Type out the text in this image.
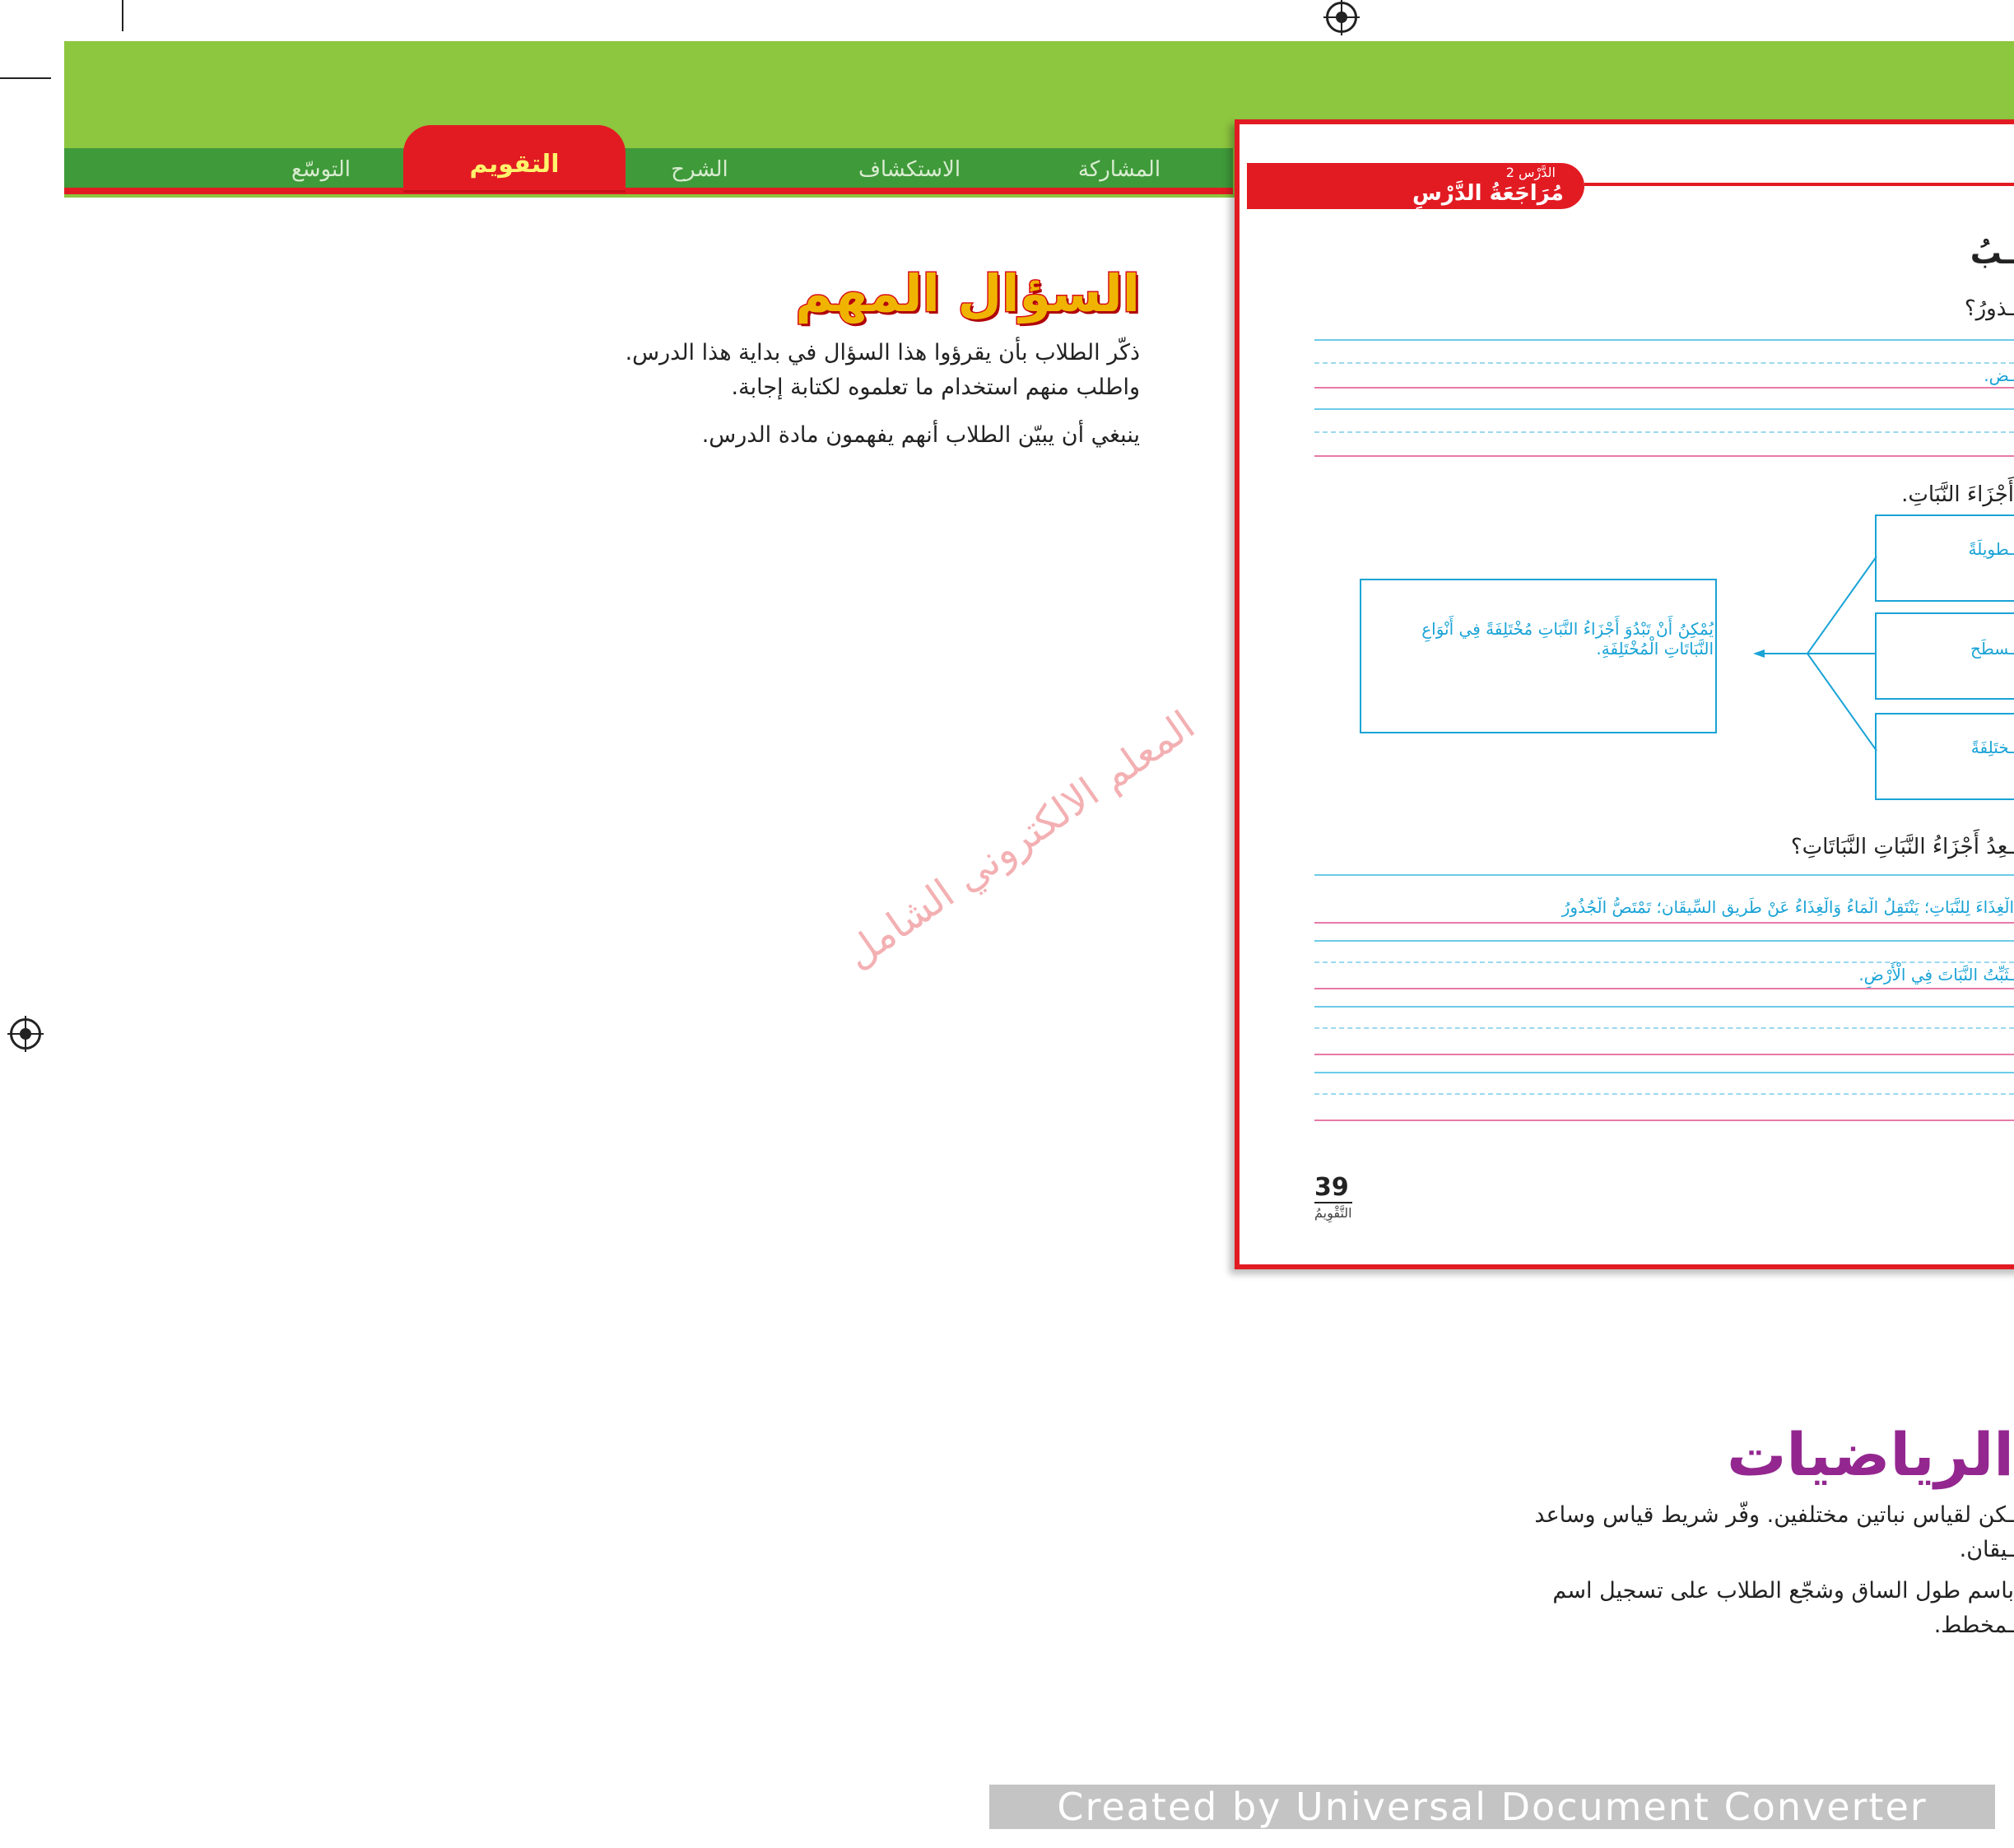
المشاركة
الاستكشاف
الشرح
التقويم
التوسّع
السؤال المهم
ذكّر الطلاب بأن يقرؤوا هذا السؤال في بداية هذا الدرس.
واطلب منهم استخدام ما تعلموه لكتابة إجابة.
ينبغي أن يبيّن الطلاب أنهم يفهمون مادة الدرس.
المعلم الالكتروني الشامل
الدَّرْس 2
مُرَاجَعَةُ الدَّرْسِ
ـبُ
ـذورُ؟
ـض.
أَجْزَاءَ النَّبَاتِ.
ـطويلَةً
ـسطَح
ـختَلِفَةً
يُمْكِنُ أَنْ تَبْدُوَ أَجْزَاءُ النَّبَاتِ مُخْتَلِفَةً فِي أَنْوَاعِ النَّبَاتَاتِ الْمُخْتَلِفَةِ.
ـعِدُ أَجْزَاءُ النَّبَاتِ النَّبَاتَاتِ؟
الْغِذَاءَ لِلنَّبَاتِ؛ يَنْتَقِلُ الْمَاءُ وَالْغِذَاءُ عَنْ طَرِيقِ السِّيقَانِ؛ تَمْتَصُّ الْجُذُورُ
ـثَبِّتُ النَّبَاتَ فِي الْأَرْضِ.
39
التَّقْوِيمُ
الرياضيات
ـكن لقياس نباتين مختلفين. وفّر شريط قياس وساعد
ـيقان.
باسم طول الساق وشجّع الطلاب على تسجيل اسم
ـمخطط.
Created by Universal Document Converter
